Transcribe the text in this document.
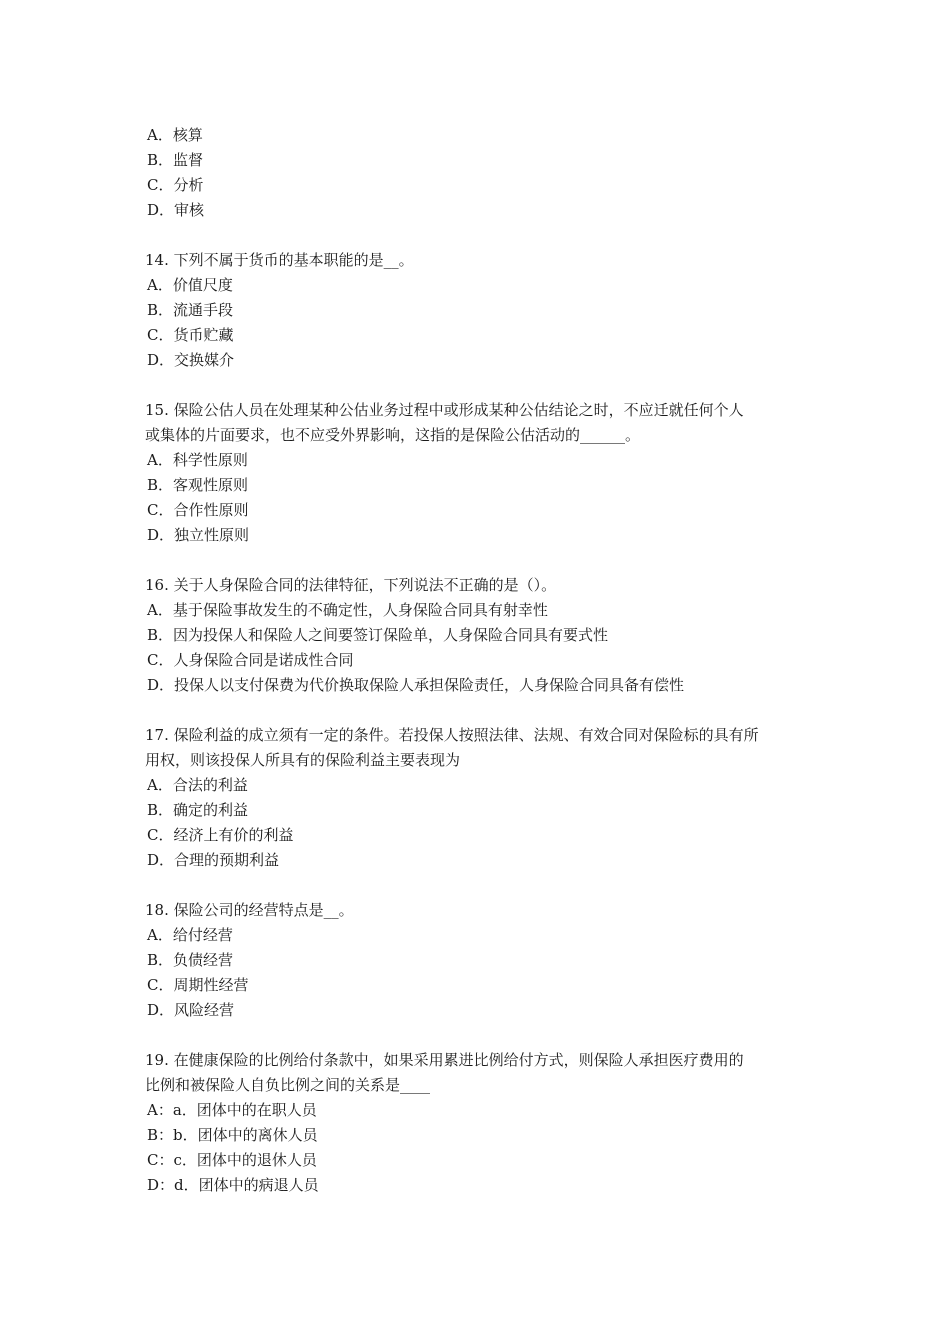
A．核算
B．监督
C．分析
D．审核
14. 下列不属于货币的基本职能的是__。
A．价值尺度
B．流通手段
C．货币贮藏
D．交换媒介
15. 保险公估人员在处理某种公估业务过程中或形成某种公估结论之时，不应迁就任何个人
或集体的片面要求，也不应受外界影响，这指的是保险公估活动的______。
A．科学性原则
B．客观性原则
C．合作性原则
D．独立性原则
16. 关于人身保险合同的法律特征，下列说法不正确的是（）。
A．基于保险事故发生的不确定性，人身保险合同具有射幸性
B．因为投保人和保险人之间要签订保险单，人身保险合同具有要式性
C．人身保险合同是诺成性合同
D．投保人以支付保费为代价换取保险人承担保险责任，人身保险合同具备有偿性
17. 保险利益的成立须有一定的条件。若投保人按照法律、法规、有效合同对保险标的具有所
用权，则该投保人所具有的保险利益主要表现为
A．合法的利益
B．确定的利益
C．经济上有价的利益
D．合理的预期利益
18. 保险公司的经营特点是__。
A．给付经营
B．负债经营
C．周期性经营
D．风险经营
19. 在健康保险的比例给付条款中，如果采用累进比例给付方式，则保险人承担医疗费用的
比例和被保险人自负比例之间的关系是____
A：a．团体中的在职人员
B：b．团体中的离休人员
C：c．团体中的退休人员
D：d．团体中的病退人员
